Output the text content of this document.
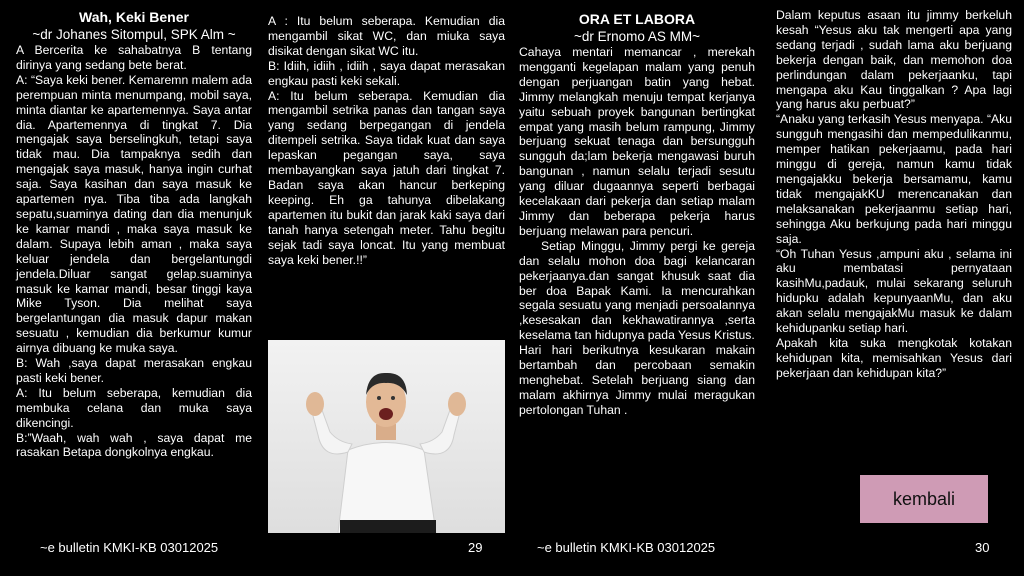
Wah, Keki Bener

~dr Johanes Sitompul, SPK Alm ~

A Bercerita ke sahabatnya B tentang dirinya yang sedang bete berat.

A: “Saya keki bener. Kemaremn malem ada perempuan minta menumpang, mobil saya, minta diantar ke apartemennya. Saya antar dia. Apartemennya di tingkat 7. Dia mengajak saya berselingkuh, tetapi saya tidak mau. Dia tampaknya sedih dan mengajak saya masuk, hanya ingin curhat saja. Saya kasihan dan saya masuk ke apartemen nya. Tiba tiba ada langkah sepatu,suaminya dating dan dia menunjuk ke kamar mandi , maka saya masuk ke dalam. Supaya lebih aman , maka saya keluar jendela dan bergelantungdi jendela.Diluar sangat gelap.suaminya masuk ke kamar mandi, besar tinggi kaya Mike Tyson. Dia melihat saya bergelantungan dia masuk dapur makan sesuatu , kemudian dia berkumur kumur airnya dibuang ke muka saya.

B: Wah ,saya dapat merasakan engkau pasti keki bener.

A: Itu belum seberapa, kemudian dia membuka celana dan muka saya dikencingi.

B:”Waah, wah wah , saya dapat me rasakan Betapa dongkolnya engkau.

A : Itu belum seberapa. Kemudian dia mengambil sikat WC, dan miuka saya disikat dengan sikat WC itu.

B: Idiih, idiih , idiih , saya dapat merasakan engkau pasti keki sekali.

A: Itu belum seberapa. Kemudian dia mengambil setrika panas dan tangan saya yang sedang berpegangan di jendela ditempeli setrika. Saya tidak kuat dan saya lepaskan pegangan saya, saya membayangkan saya jatuh dari tingkat 7. Badan saya akan hancur berkeping keeping. Eh ga tahunya dibelakang apartemen itu bukit dan jarak kaki saya dari tanah hanya setengah meter. Tahu begitu sejak tadi saya loncat. Itu yang membuat saya keki bener.!!”

~e bulletin KMKI-KB 03012025	29

ORA ET LABORA

~dr Ernomo AS MM~

Cahaya mentari memancar , merekah mengganti kegelapan malam yang penuh dengan perjuangan batin yang hebat. Jimmy melangkah menuju tempat kerjanya yaitu sebuah proyek bangunan bertingkat empat yang masih belum rampung, Jimmy berjuang sekuat tenaga dan bersungguh sungguh da;lam bekerja mengawasi buruh bangunan , namun selalu terjadi sesutu yang diluar dugaannya seperti berbagai kecelakaan dari pekerja dan setiap malam Jimmy dan beberapa pekerja harus berjuang melawan para pencuri.

Setiap Minggu, Jimmy pergi ke gereja dan selalu mohon doa bagi kelancaran pekerjaanya.dan sangat khusuk saat dia ber doa Bapak Kami. Ia mencurahkan segala sesuatu yang menjadi persoalannya ,kesesakan dan kekhawatirannya ,serta keselama tan hidupnya pada Yesus Kristus.

Hari hari berikutnya kesukaran makain bertambah dan percobaan semakin menghebat. Setelah berjuang siang dan malam akhirnya Jimmy mulai meragukan pertolongan Tuhan .

Dalam keputus asaan itu jimmy berkeluh kesah “Yesus aku tak mengerti apa yang sedang terjadi , sudah lama aku berjuang bekerja dengan baik, dan memohon doa perlindungan dalam pekerjaanku, tapi mengapa aku Kau tinggalkan ? Apa lagi yang harus aku perbuat?”

“Anaku yang terkasih Yesus menyapa. “Aku sungguh mengasihi dan mempedulikanmu, memper hatikan pekerjaamu, pada hari minggu di gereja, namun kamu tidak mengajakku bekerja bersamamu, kamu tidak mengajakKU merencanakan dan melaksanakan pekerjaanmu setiap hari, sehingga Aku berkujung pada hari minggu saja.

“Oh Tuhan Yesus ,ampuni aku , selama ini aku membatasi pernyataan kasihMu,padauk, mulai sekarang seluruh hidupku adalah kepunyaanMu, dan aku akan selalu mengajakMu masuk ke dalam kehidupanku setiap hari.

Apakah kita suka mengkotak kotakan kehidupan kita, memisahkan Yesus dari pekerjaan dan kehidupan kita?”

kembali
~e bulletin KMKI-KB 03012025	30
